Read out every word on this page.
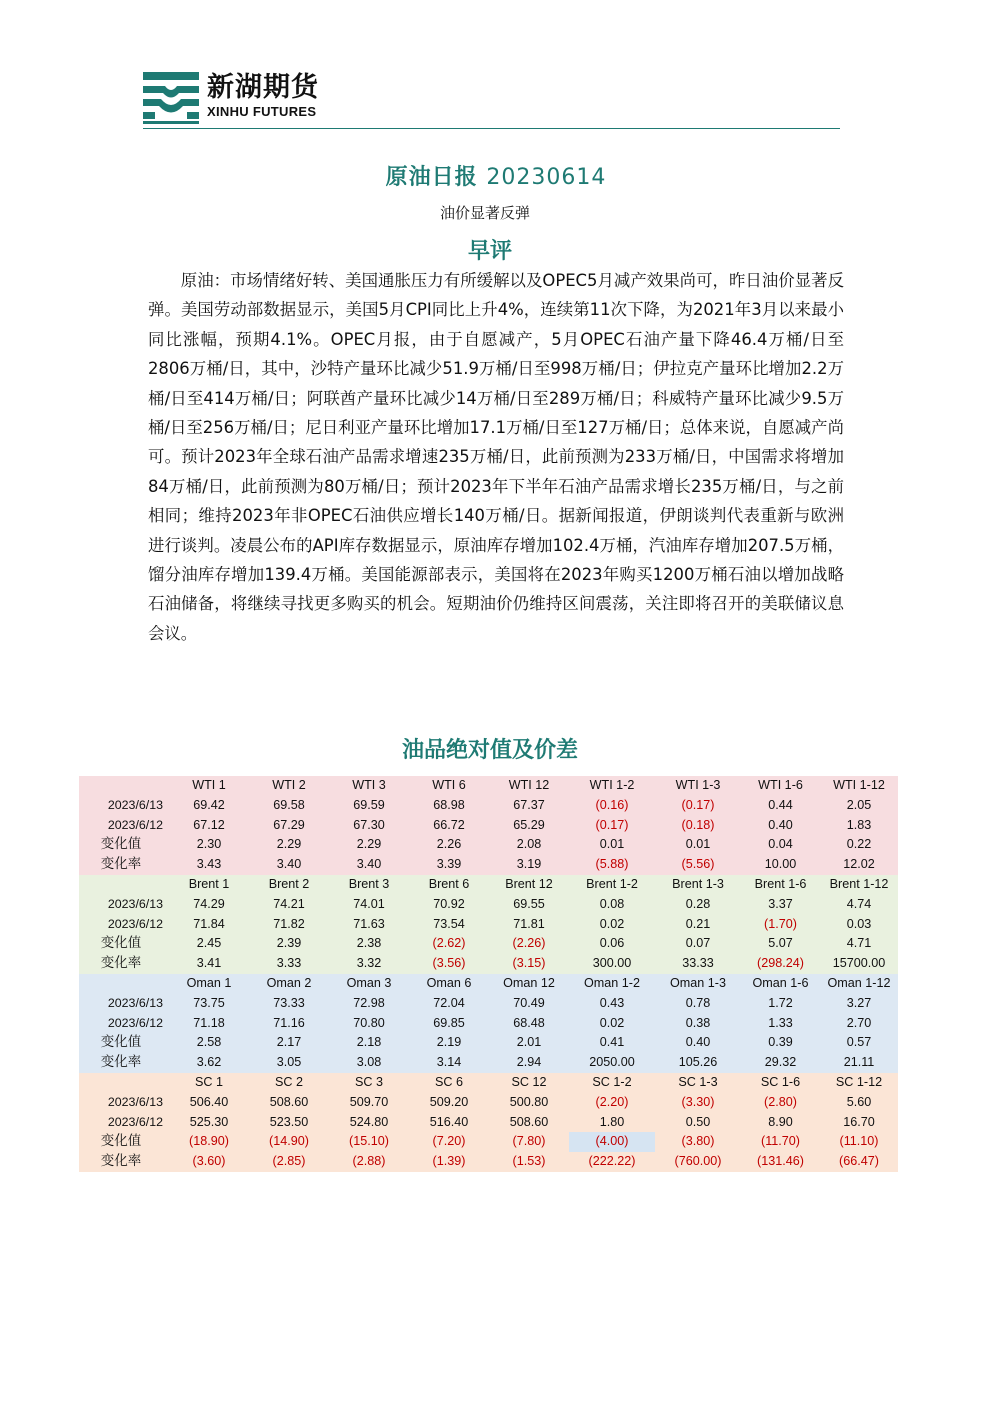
新湖期货
XINHU FUTURES
原油日报 20230614
油价显著反弹
早评

原油：市场情绪好转、美国通胀压力有所缓解以及OPEC5月减产效果尚可，昨日油价显著反弹。美国劳动部数据显示，美国5月CPI同比上升4%，连续第11次下降，为2021年3月以来最小同比涨幅，预期4.1%。OPEC月报，由于自愿减产，5月OPEC石油产量下降46.4万桶/日至2806万桶/日，其中，沙特产量环比减少51.9万桶/日至998万桶/日；伊拉克产量环比增加2.2万桶/日至414万桶/日；阿联酋产量环比减少14万桶/日至289万桶/日；科威特产量环比减少9.5万桶/日至256万桶/日；尼日利亚产量环比增加17.1万桶/日至127万桶/日；总体来说，自愿减产尚可。预计2023年全球石油产品需求增速235万桶/日，此前预测为233万桶/日，中国需求将增加84万桶/日，此前预测为80万桶/日；预计2023年下半年石油产品需求增长235万桶/日，与之前相同；维持2023年非OPEC石油供应增长140万桶/日。据新闻报道，伊朗谈判代表重新与欧洲进行谈判。凌晨公布的API库存数据显示，原油库存增加102.4万桶，汽油库存增加207.5万桶，馏分油库存增加139.4万桶。美国能源部表示，美国将在2023年购买1200万桶石油以增加战略石油储备，将继续寻找更多购买的机会。短期油价仍维持区间震荡，关注即将召开的美联储议息会议。

油品绝对值及价差
	WTI 1	WTI 2	WTI 3	WTI 6	WTI 12	WTI 1-2	WTI 1-3	WTI 1-6	WTI 1-12
2023/6/13	69.42	69.58	69.59	68.98	67.37	(0.16)	(0.17)	0.44	2.05
2023/6/12	67.12	67.29	67.30	66.72	65.29	(0.17)	(0.18)	0.40	1.83
变化值	2.30	2.29	2.29	2.26	2.08	0.01	0.01	0.04	0.22
变化率	3.43	3.40	3.40	3.39	3.19	(5.88)	(5.56)	10.00	12.02
	Brent 1	Brent 2	Brent 3	Brent 6	Brent 12	Brent 1-2	Brent 1-3	Brent 1-6	Brent 1-12
2023/6/13	74.29	74.21	74.01	70.92	69.55	0.08	0.28	3.37	4.74
2023/6/12	71.84	71.82	71.63	73.54	71.81	0.02	0.21	(1.70)	0.03
变化值	2.45	2.39	2.38	(2.62)	(2.26)	0.06	0.07	5.07	4.71
变化率	3.41	3.33	3.32	(3.56)	(3.15)	300.00	33.33	(298.24)	15700.00
	Oman 1	Oman 2	Oman 3	Oman 6	Oman 12	Oman 1-2	Oman 1-3	Oman 1-6	Oman 1-12
2023/6/13	73.75	73.33	72.98	72.04	70.49	0.43	0.78	1.72	3.27
2023/6/12	71.18	71.16	70.80	69.85	68.48	0.02	0.38	1.33	2.70
变化值	2.58	2.17	2.18	2.19	2.01	0.41	0.40	0.39	0.57
变化率	3.62	3.05	3.08	3.14	2.94	2050.00	105.26	29.32	21.11
	SC 1	SC 2	SC 3	SC 6	SC 12	SC 1-2	SC 1-3	SC 1-6	SC 1-12
2023/6/13	506.40	508.60	509.70	509.20	500.80	(2.20)	(3.30)	(2.80)	5.60
2023/6/12	525.30	523.50	524.80	516.40	508.60	1.80	0.50	8.90	16.70
变化值	(18.90)	(14.90)	(15.10)	(7.20)	(7.80)	(4.00)	(3.80)	(11.70)	(11.10)
变化率	(3.60)	(2.85)	(2.88)	(1.39)	(1.53)	(222.22)	(760.00)	(131.46)	(66.47)
